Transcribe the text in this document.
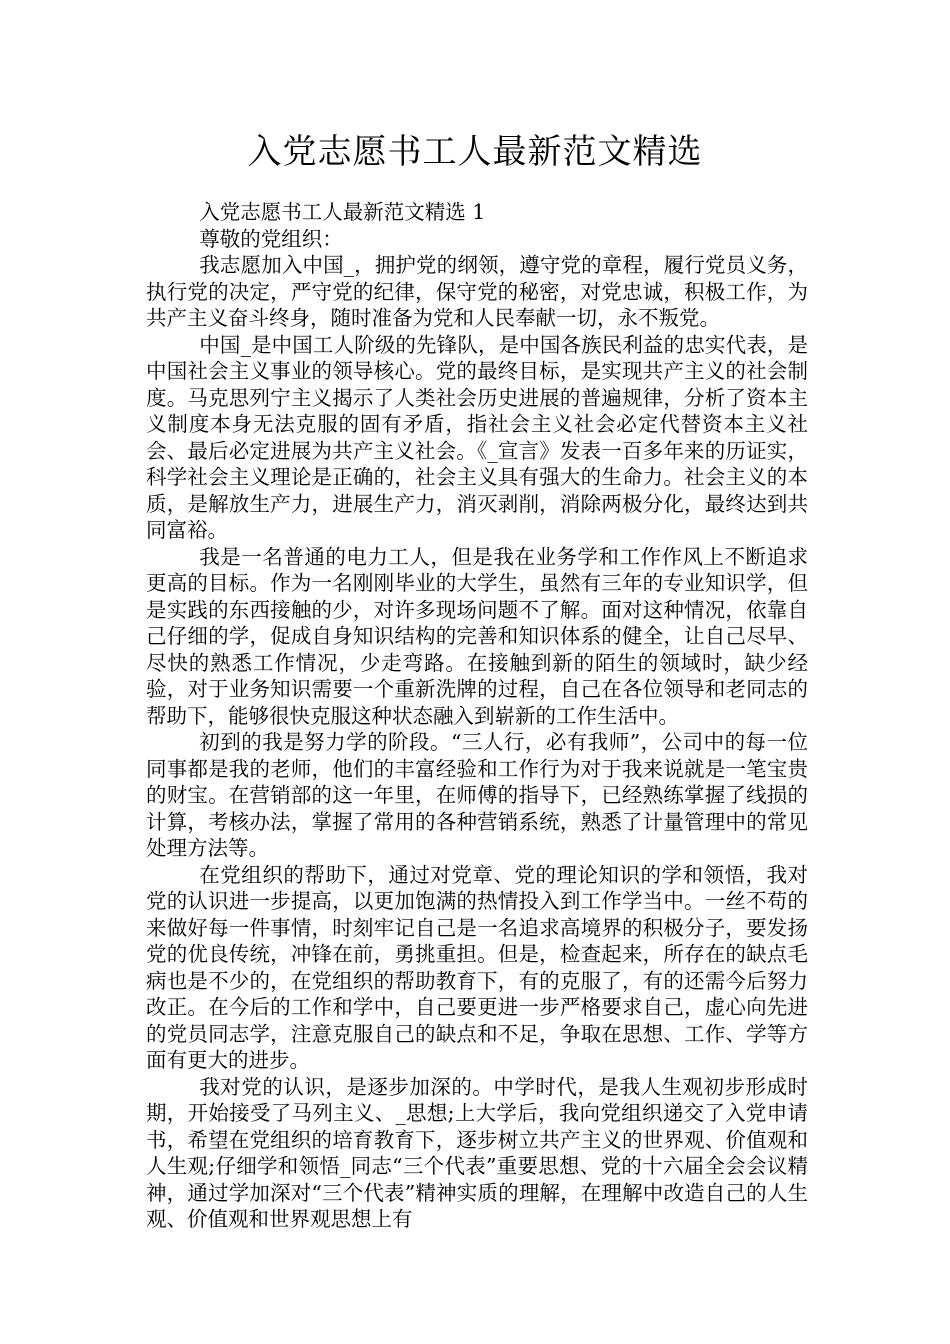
入党志愿书工人最新范文精选

入党志愿书工人最新范文精选 1

尊敬的党组织：

我志愿加入中国_，拥护党的纲领，遵守党的章程，履行党员义务，执行党的决定，严守党的纪律，保守党的秘密，对党忠诚，积极工作，为共产主义奋斗终身，随时准备为党和人民奉献一切，永不叛党。

中国_是中国工人阶级的先锋队，是中国各族民利益的忠实代表，是中国社会主义事业的领导核心。党的最终目标，是实现共产主义的社会制度。马克思列宁主义揭示了人类社会历史进展的普遍规律，分析了资本主义制度本身无法克服的固有矛盾，指社会主义社会必定代替资本主义社会、最后必定进展为共产主义社会。《_宣言》发表一百多年来的历证实，科学社会主义理论是正确的，社会主义具有强大的生命力。社会主义的本质，是解放生产力，进展生产力，消灭剥削，消除两极分化，最终达到共同富裕。

我是一名普通的电力工人，但是我在业务学和工作作风上不断追求更高的目标。作为一名刚刚毕业的大学生，虽然有三年的专业知识学，但是实践的东西接触的少，对许多现场问题不了解。面对这种情况，依靠自己仔细的学，促成自身知识结构的完善和知识体系的健全，让自己尽早、尽快的熟悉工作情况，少走弯路。在接触到新的陌生的领域时，缺少经验，对于业务知识需要一个重新洗牌的过程，自己在各位领导和老同志的帮助下，能够很快克服这种状态融入到崭新的工作生活中。

初到的我是努力学的阶段。“三人行，必有我师”，公司中的每一位同事都是我的老师，他们的丰富经验和工作行为对于我来说就是一笔宝贵的财宝。在营销部的这一年里，在师傅的指导下，已经熟练掌握了线损的计算，考核办法，掌握了常用的各种营销系统，熟悉了计量管理中的常见处理方法等。

在党组织的帮助下，通过对党章、党的理论知识的学和领悟，我对党的认识进一步提高，以更加饱满的热情投入到工作学当中。一丝不苟的来做好每一件事情，时刻牢记自己是一名追求高境界的积极分子，要发扬党的优良传统，冲锋在前，勇挑重担。但是，检查起来，所存在的缺点毛病也是不少的，在党组织的帮助教育下，有的克服了，有的还需今后努力改正。在今后的工作和学中，自己要更进一步严格要求自己，虚心向先进的党员同志学，注意克服自己的缺点和不足，争取在思想、工作、学等方面有更大的进步。

我对党的认识，是逐步加深的。中学时代，是我人生观初步形成时期，开始接受了马列主义、_思想;上大学后，我向党组织递交了入党申请书，希望在党组织的培育教育下，逐步树立共产主义的世界观、价值观和人生观;仔细学和领悟_同志“三个代表”重要思想、党的十六届全会会议精神，通过学加深对“三个代表”精神实质的理解，在理解中改造自己的人生观、价值观和世界观思想上有
